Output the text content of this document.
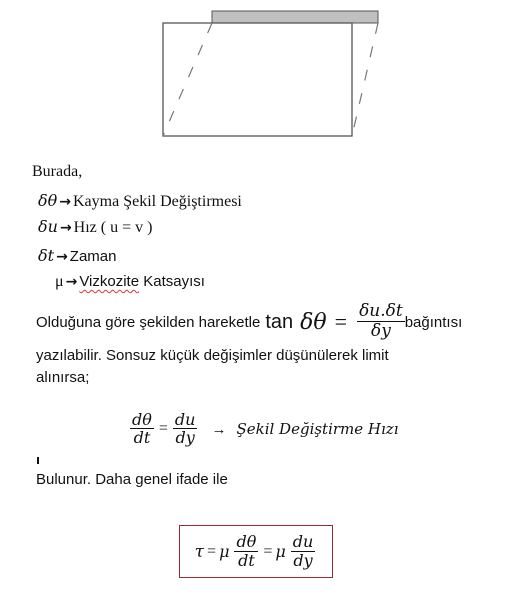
Burada,
δθ → Kayma Şekil Değiştirmesi
δu → Hız ( u = v )
δt → Zaman
μ → Vizkozite Katsayısı
Olduğuna göre şekilden hareketle $\tan \delta\theta = \frac{\delta u.\delta t}{\delta y}$ bağıntısı
yazılabilir. Sonsuz küçük değişimler düşünülerek limit
alınırsa;
$\frac{d\theta}{dt} = \frac{du}{dy}$ → Şekil Değiştirme Hızı
Bulunur. Daha genel ifade ile
τ = μ $\frac{d\theta}{dt} = \mu \frac{du}{dy}$
